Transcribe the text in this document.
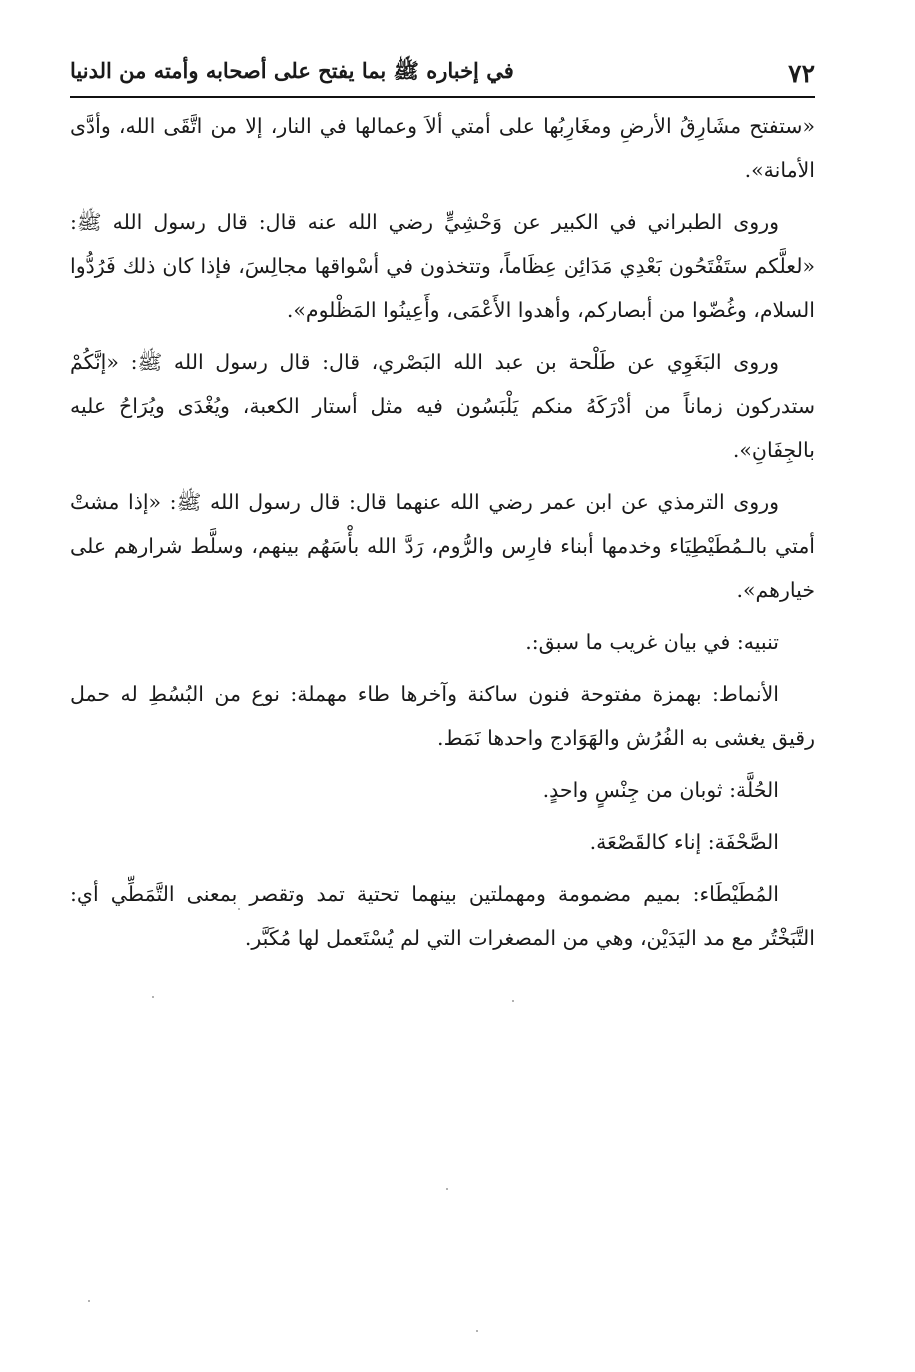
٧٢
في إخباره ﷺ بما يفتح على أصحابه وأمته من الدنيا

«ستفتح مشَارِقُ الأرضِ ومغَارِبُها على أمتي ألاَ وعمالها في النار، إلا من اتَّقَى الله، وأدَّى الأمانة».

وروى الطبراني في الكبير عن وَحْشِيٍّ رضي الله عنه قال: قال رسول الله ﷺ: «لعلَّكم ستَفْتَحُون بَعْدِي مَدَائِن عِظَاماً، وتتخذون في أسْواقها مجالِسَ، فإذا كان ذلك فَرُدُّوا السلام، وغُضّوا من أبصاركم، وأهدوا الأَعْمَى، وأَعِينُوا المَظْلوم».

وروى البَغَوِي عن طَلْحة بن عبد الله البَصْري، قال: قال رسول الله ﷺ: «إنَّكُمْ ستدركون زماناً من أدْرَكَهُ منكم يَلْبَسُون فيه مثل أستار الكعبة، ويُغْدَى ويُرَاحُ عليه بالجِفَانِ».

وروى الترمذي عن ابن عمر رضي الله عنهما قال: قال رسول الله ﷺ: «إذا مشتْ أمتي بالـمُطَيْطِيَاء وخدمها أبناء فارِس والرُّوم، رَدَّ الله بأْسَهُم بينهم، وسلَّط شرارهم على خيارهم».

تنبيه: في بيان غريب ما سبق:.

الأنماط: بهمزة مفتوحة فنون ساكنة وآخرها طاء مهملة: نوع من البُسُطِ له حمل رقيق يغشى به الفُرُش والهَوَادج واحدها نَمَط.

الحُلَّة: ثوبان من جِنْسٍ واحدٍ.

الصَّحْفَة: إناء كالقَصْعَة.

المُطَيْطَاء: بميم مضمومة ومهملتين بينهما تحتية تمد وتقصر بمعنى التَّمَطِّي أي: التَّبَخْتُر مع مد اليَدَيْن، وهي من المصغرات التي لم يُسْتَعمل لها مُكَبَّر.
